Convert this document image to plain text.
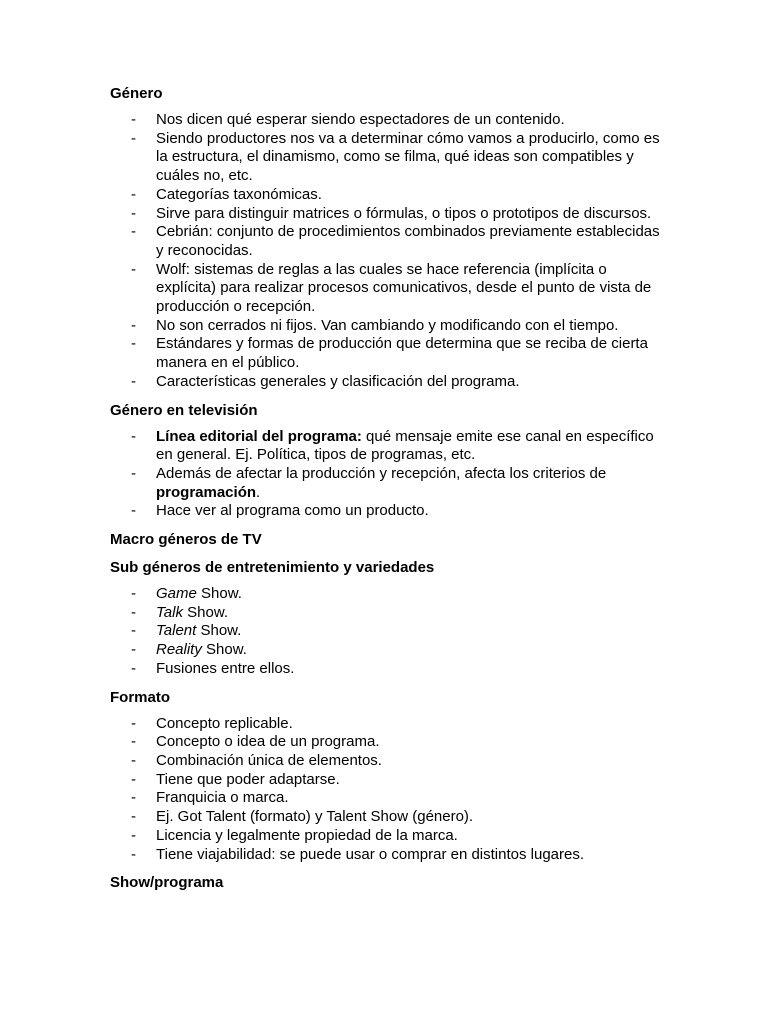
Género

- Nos dicen qué esperar siendo espectadores de un contenido.
- Siendo productores nos va a determinar cómo vamos a producirlo, como es la estructura, el dinamismo, como se filma, qué ideas son compatibles y cuáles no, etc.
- Categorías taxonómicas.
- Sirve para distinguir matrices o fórmulas, o tipos o prototipos de discursos.
- Cebrián: conjunto de procedimientos combinados previamente establecidas y reconocidas.
- Wolf: sistemas de reglas a las cuales se hace referencia (implícita o explícita) para realizar procesos comunicativos, desde el punto de vista de producción o recepción.
- No son cerrados ni fijos. Van cambiando y modificando con el tiempo.
- Estándares y formas de producción que determina que se reciba de cierta manera en el público.
- Características generales y clasificación del programa.

Género en televisión

- Línea editorial del programa: qué mensaje emite ese canal en específico en general. Ej. Política, tipos de programas, etc.
- Además de afectar la producción y recepción, afecta los criterios de programación.
- Hace ver al programa como un producto.

Macro géneros de TV

Sub géneros de entretenimiento y variedades

- Game Show.
- Talk Show.
- Talent Show.
- Reality Show.
- Fusiones entre ellos.

Formato

- Concepto replicable.
- Concepto o idea de un programa.
- Combinación única de elementos.
- Tiene que poder adaptarse.
- Franquicia o marca.
- Ej. Got Talent (formato) y Talent Show (género).
- Licencia y legalmente propiedad de la marca.
- Tiene viajabilidad: se puede usar o comprar en distintos lugares.

Show/programa
